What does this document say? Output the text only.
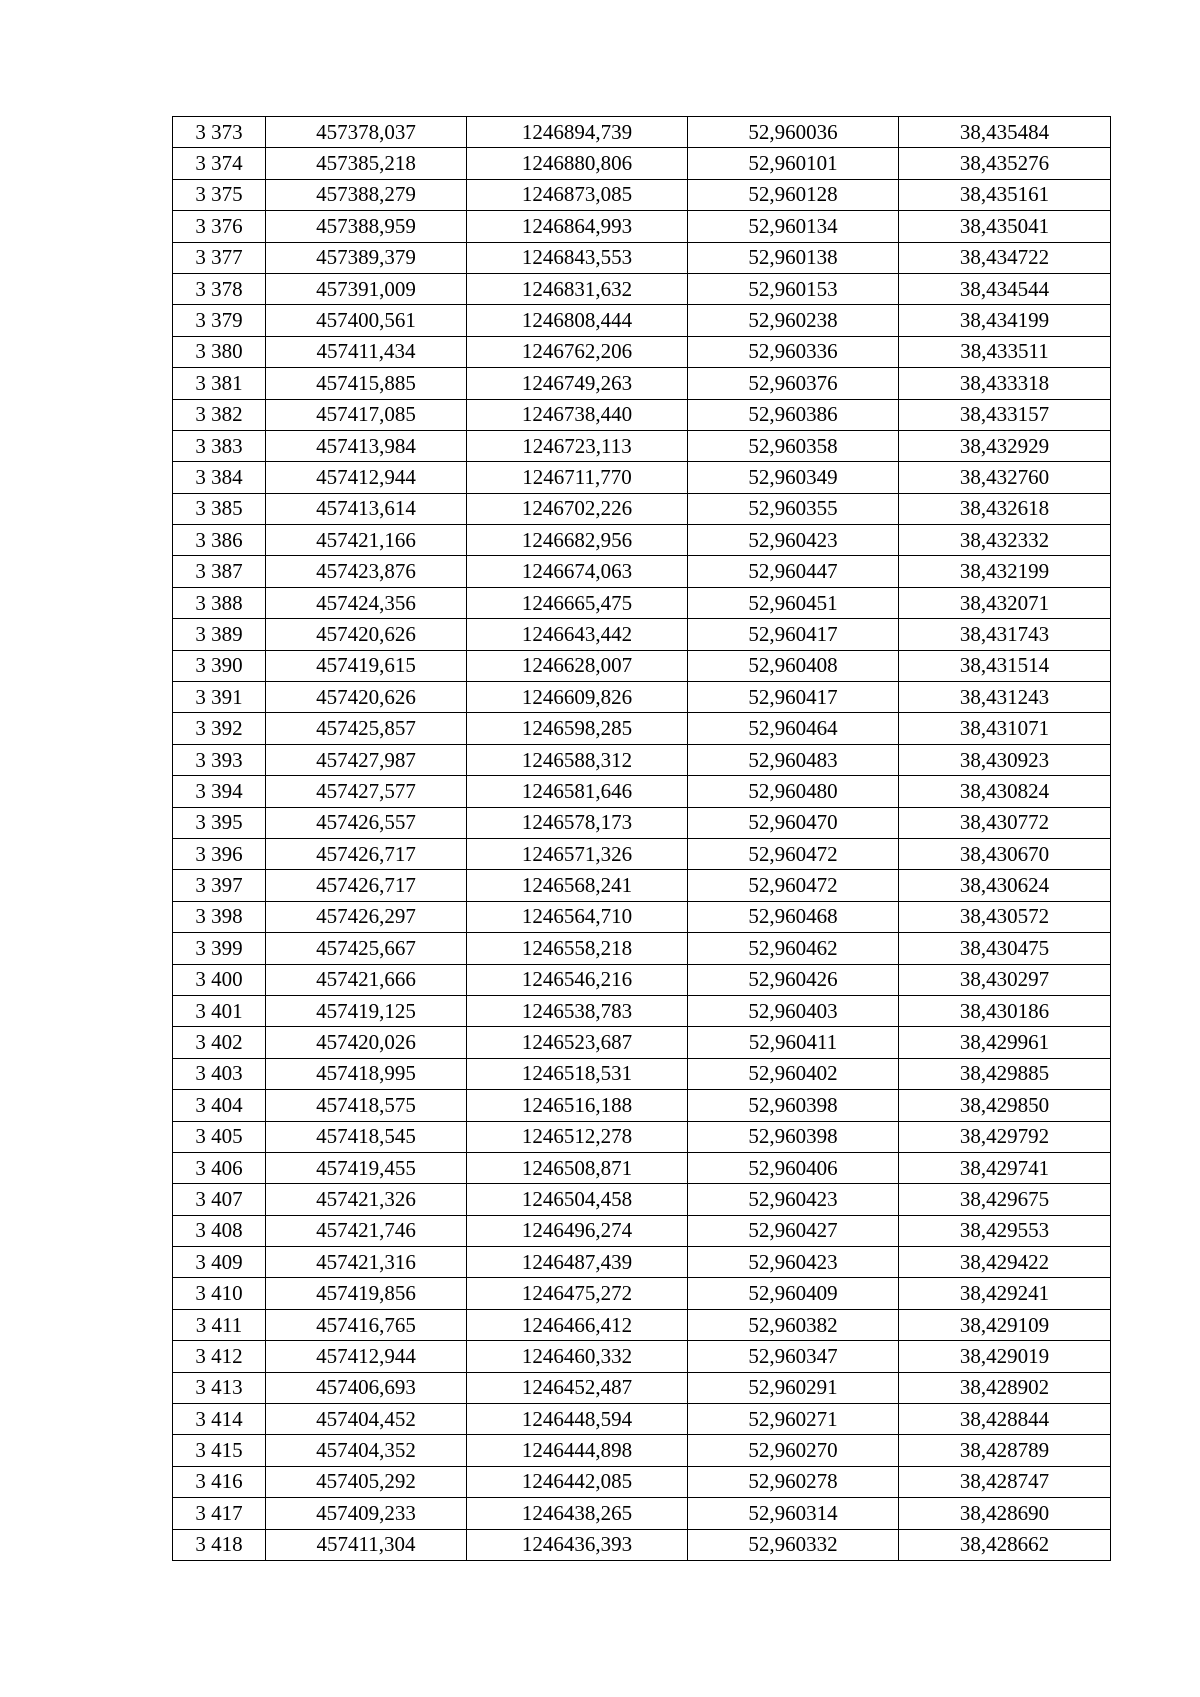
3 373	457378,037	1246894,739	52,960036	38,435484
3 374	457385,218	1246880,806	52,960101	38,435276
3 375	457388,279	1246873,085	52,960128	38,435161
3 376	457388,959	1246864,993	52,960134	38,435041
3 377	457389,379	1246843,553	52,960138	38,434722
3 378	457391,009	1246831,632	52,960153	38,434544
3 379	457400,561	1246808,444	52,960238	38,434199
3 380	457411,434	1246762,206	52,960336	38,433511
3 381	457415,885	1246749,263	52,960376	38,433318
3 382	457417,085	1246738,440	52,960386	38,433157
3 383	457413,984	1246723,113	52,960358	38,432929
3 384	457412,944	1246711,770	52,960349	38,432760
3 385	457413,614	1246702,226	52,960355	38,432618
3 386	457421,166	1246682,956	52,960423	38,432332
3 387	457423,876	1246674,063	52,960447	38,432199
3 388	457424,356	1246665,475	52,960451	38,432071
3 389	457420,626	1246643,442	52,960417	38,431743
3 390	457419,615	1246628,007	52,960408	38,431514
3 391	457420,626	1246609,826	52,960417	38,431243
3 392	457425,857	1246598,285	52,960464	38,431071
3 393	457427,987	1246588,312	52,960483	38,430923
3 394	457427,577	1246581,646	52,960480	38,430824
3 395	457426,557	1246578,173	52,960470	38,430772
3 396	457426,717	1246571,326	52,960472	38,430670
3 397	457426,717	1246568,241	52,960472	38,430624
3 398	457426,297	1246564,710	52,960468	38,430572
3 399	457425,667	1246558,218	52,960462	38,430475
3 400	457421,666	1246546,216	52,960426	38,430297
3 401	457419,125	1246538,783	52,960403	38,430186
3 402	457420,026	1246523,687	52,960411	38,429961
3 403	457418,995	1246518,531	52,960402	38,429885
3 404	457418,575	1246516,188	52,960398	38,429850
3 405	457418,545	1246512,278	52,960398	38,429792
3 406	457419,455	1246508,871	52,960406	38,429741
3 407	457421,326	1246504,458	52,960423	38,429675
3 408	457421,746	1246496,274	52,960427	38,429553
3 409	457421,316	1246487,439	52,960423	38,429422
3 410	457419,856	1246475,272	52,960409	38,429241
3 411	457416,765	1246466,412	52,960382	38,429109
3 412	457412,944	1246460,332	52,960347	38,429019
3 413	457406,693	1246452,487	52,960291	38,428902
3 414	457404,452	1246448,594	52,960271	38,428844
3 415	457404,352	1246444,898	52,960270	38,428789
3 416	457405,292	1246442,085	52,960278	38,428747
3 417	457409,233	1246438,265	52,960314	38,428690
3 418	457411,304	1246436,393	52,960332	38,428662
